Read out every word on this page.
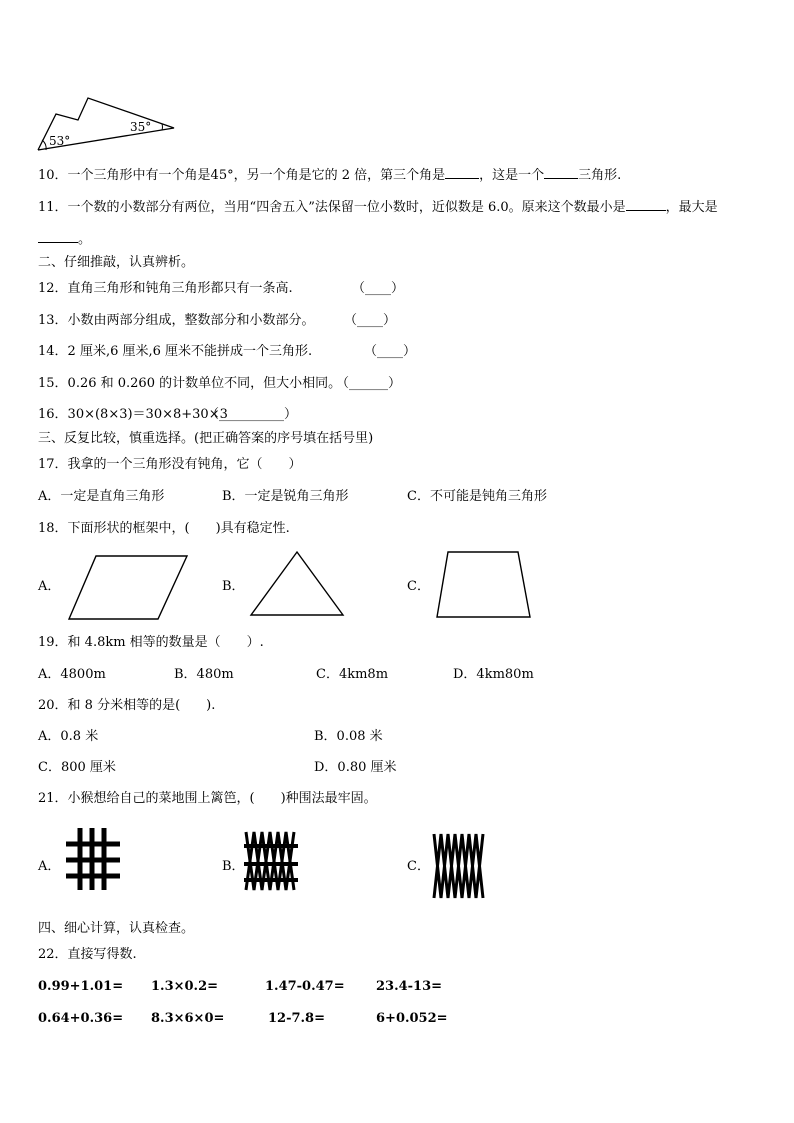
53°
35°
10．一个三角形中有一个角是45°，另一个角是它的 2 倍，第三个角是	，这是一个	三角形.
11．一个数的小数部分有两位，当用“四舍五入”法保留一位小数时，近似数是 6.0。原来这个数最小是	，最大是
。
二、仔细推敲，认真辨析。
12．直角三角形和钝角三角形都只有一条高.	（____）
13．小数由两部分组成，整数部分和小数部分。 （____）
14．2 厘米,6 厘米,6 厘米不能拼成一个三角形.	（____）
15．0.26 和 0.260 的计数单位不同，但大小相同。
（______）
16．30×(8×3)＝30×8+30×3
（__________）
三、反复比较，慎重选择。(把正确答案的序号填在括号里)
17．我拿的一个三角形没有钝角，它（　　）
A．一定是直角三角形	B．一定是锐角三角形	C．不可能是钝角三角形
18．下面形状的框架中，(　　)具有稳定性.
A．	B．	C．
19．和 4.8km 相等的数量是（　　）.
A．4800m	B．480m	C．4km8m	D．4km80m
20．和 8 分米相等的是(　　).
A．0.8 米	B．0.08 米
C．800 厘米	D．0.80 厘米
21．小猴想给自己的菜地围上篱笆，(　　)种围法最牢固。
A．	B．	C．
四、细心计算，认真检查。
22．直接写得数.
0.99+1.01= 1.3×0.2=	1.47-0.47= 23.4-13=
0.64+0.36= 8.3×6×0=	12-7.8=	6+0.052=
